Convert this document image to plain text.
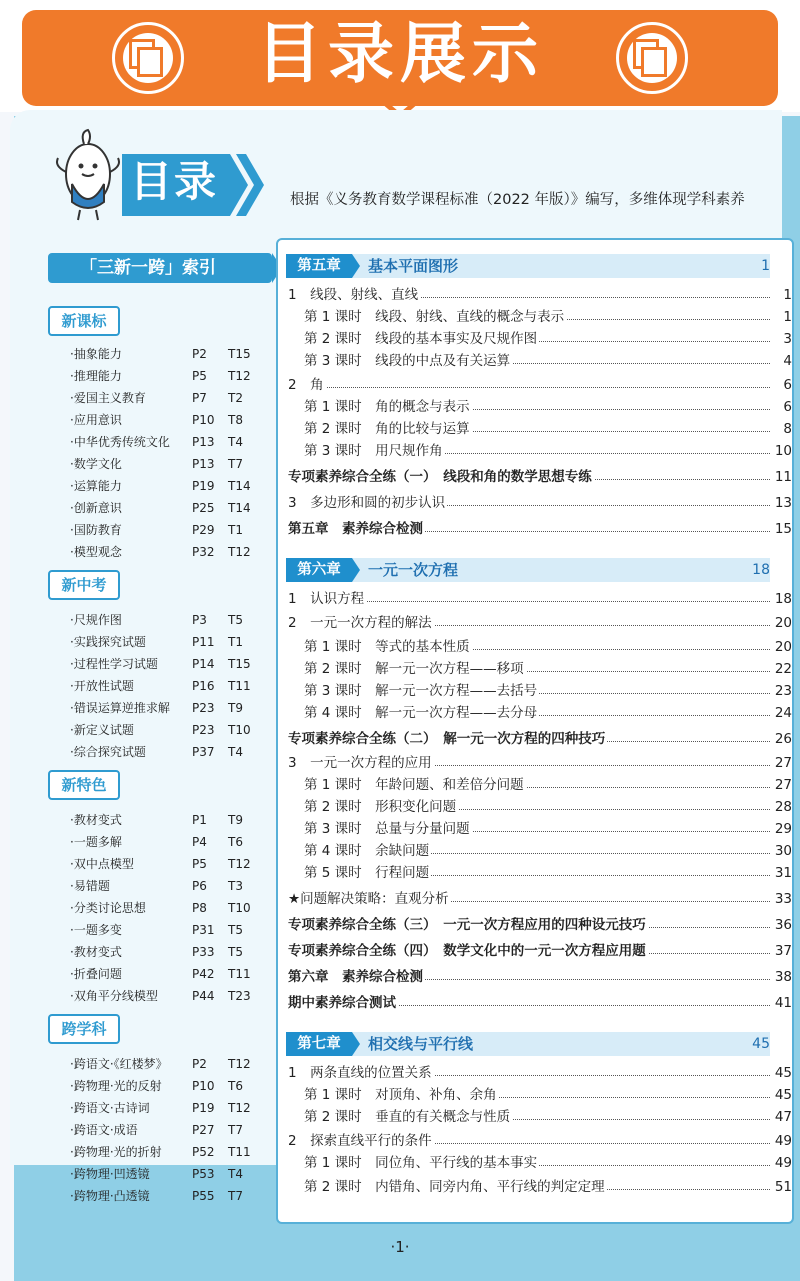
目录展示
目录	根据《义务教育数学课程标准（2022 年版）》编写，多维体现学科素养
「三新一跨」索引
新课标
·抽象能力	P2 T15
·推理能力	P5 T12
·爱国主义教育	P7 T2
·应用意识	P10 T8
·中华优秀传统文化 P13 T4
·数学文化	P13 T7
·运算能力	P19 T14
·创新意识	P25 T14
·国防教育	P29 T1
·模型观念	P32 T12
新中考
·尺规作图	P3 T5
·实践探究试题	P11 T1
·过程性学习试题	P14 T15
·开放性试题	P16 T11
·错误运算逆推求解 P23 T9
·新定义试题	P23 T10
·综合探究试题	P37 T4
新特色
·教材变式	P1 T9
·一题多解	P4 T6
·双中点模型	P5 T12
·易错题	P6 T3
·分类讨论思想	P8 T10
·一题多变	P31 T5
·教材变式	P33 T5
·折叠问题	P42 T11
·双角平分线模型	P44 T23
跨学科
·跨语文·《红楼梦》 P2 T12
·跨物理·光的反射	P10 T6
·跨语文·古诗词	P19 T12
·跨语文·成语	P27 T7
·跨物理·光的折射	P52 T11
·跨物理·凹透镜	P53 T4
·跨物理·凸透镜	P55 T7
第五章	基本平面图形	1
1　线段、射线、直线	1
第 1 课时　线段、射线、直线的概念与表示	1
第 2 课时　线段的基本事实及尺规作图	3
第 3 课时　线段的中点及有关运算	4
2　角	6
第 1 课时　角的概念与表示	6
第 2 课时　角的比较与运算	8
第 3 课时　用尺规作角	10
专项素养综合全练（一）　线段和角的数学思想专练	11
3　多边形和圆的初步认识	13
第五章　素养综合检测	15
第六章	一元一次方程	18
1　认识方程	18
2　一元一次方程的解法	20
第 1 课时　等式的基本性质	20
第 2 课时　解一元一次方程——移项	22
第 3 课时　解一元一次方程——去括号	23
第 4 课时　解一元一次方程——去分母	24
专项素养综合全练（二）　解一元一次方程的四种技巧	26
3　一元一次方程的应用	27
第 1 课时　年龄问题、和差倍分问题	27
第 2 课时　形积变化问题	28
第 3 课时　总量与分量问题	29
第 4 课时　余缺问题	30
第 5 课时　行程问题	31
★问题解决策略：直观分析	33
专项素养综合全练（三）　一元一次方程应用的四种设元技巧	36
专项素养综合全练（四）　数学文化中的一元一次方程应用题	37
第六章　素养综合检测	38
期中素养综合测试	41
第七章	相交线与平行线	45
1　两条直线的位置关系	45
第 1 课时　对顶角、补角、余角	45
第 2 课时　垂直的有关概念与性质	47
2　探索直线平行的条件	49
第 1 课时　同位角、平行线的基本事实	49
第 2 课时　内错角、同旁内角、平行线的判定定理	51
·1·
